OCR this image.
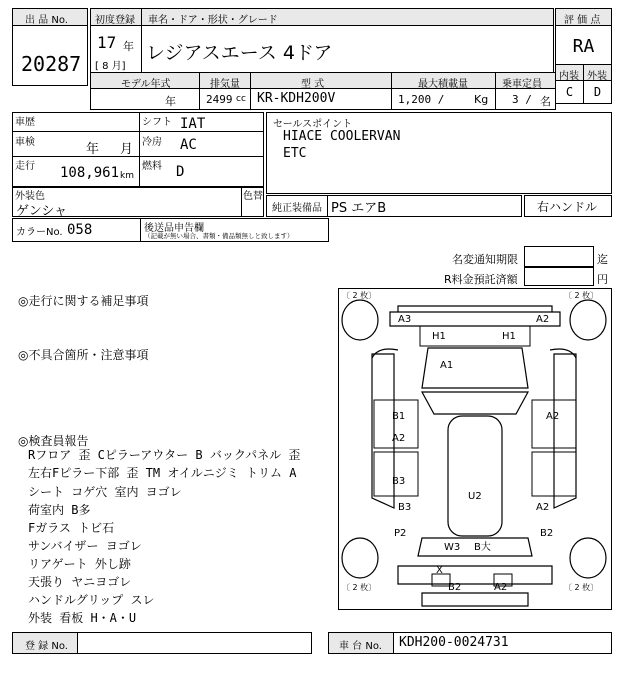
出 品 No.
20287
初度登録
17 年
[ 8 月]
車名・ドア・形状・グレード
レジアスエース 4ドア
評 価 点
RA
内装 外装
C	D
モデル年式
年
排気量
2499 cc
型 式
KR-KDH200V
最大積載量
1,200 /	Kg
乗車定員
3 / 名
車歴	シフト IAT
車検	年 月 冷房 AC
走行 108,961 km
燃料 D
セールスポイント
HIACE COOLERVAN
ETC
外装色
ゲンシャ
色替
純正装備品 PS エアB	右ハンドル
カラーNo. 058	後送品申告欄
（記載が無い場合、書類・備品類無しと致します）
名変通知期限	迄
R料金預託済額	円
◎走行に関する補足事項
◎不具合箇所・注意事項
◎検査員報告
Rフロア 歪 Cピラーアウター B バックパネル 歪
左右Fピラー下部 歪 TM オイルニジミ トリム A
シート コゲ穴 室内 ヨゴレ
荷室内 B多
Fガラス トビ石
サンバイザー ヨゴレ
リアゲート 外し跡
天張り ヤニヨゴレ
ハンドルグリップ スレ
外装 看板 H・A・U
〔 2 枚〕	〔 2 枚〕
〔 2 枚〕	〔 2 枚〕
A3	A2
H1	H1
A1
B1
A2
A2
B3
U2
B3	A2
P2	B2
W3 B大
X
B2	A2
登 録 No.	車 台 No. KDH200-0024731
